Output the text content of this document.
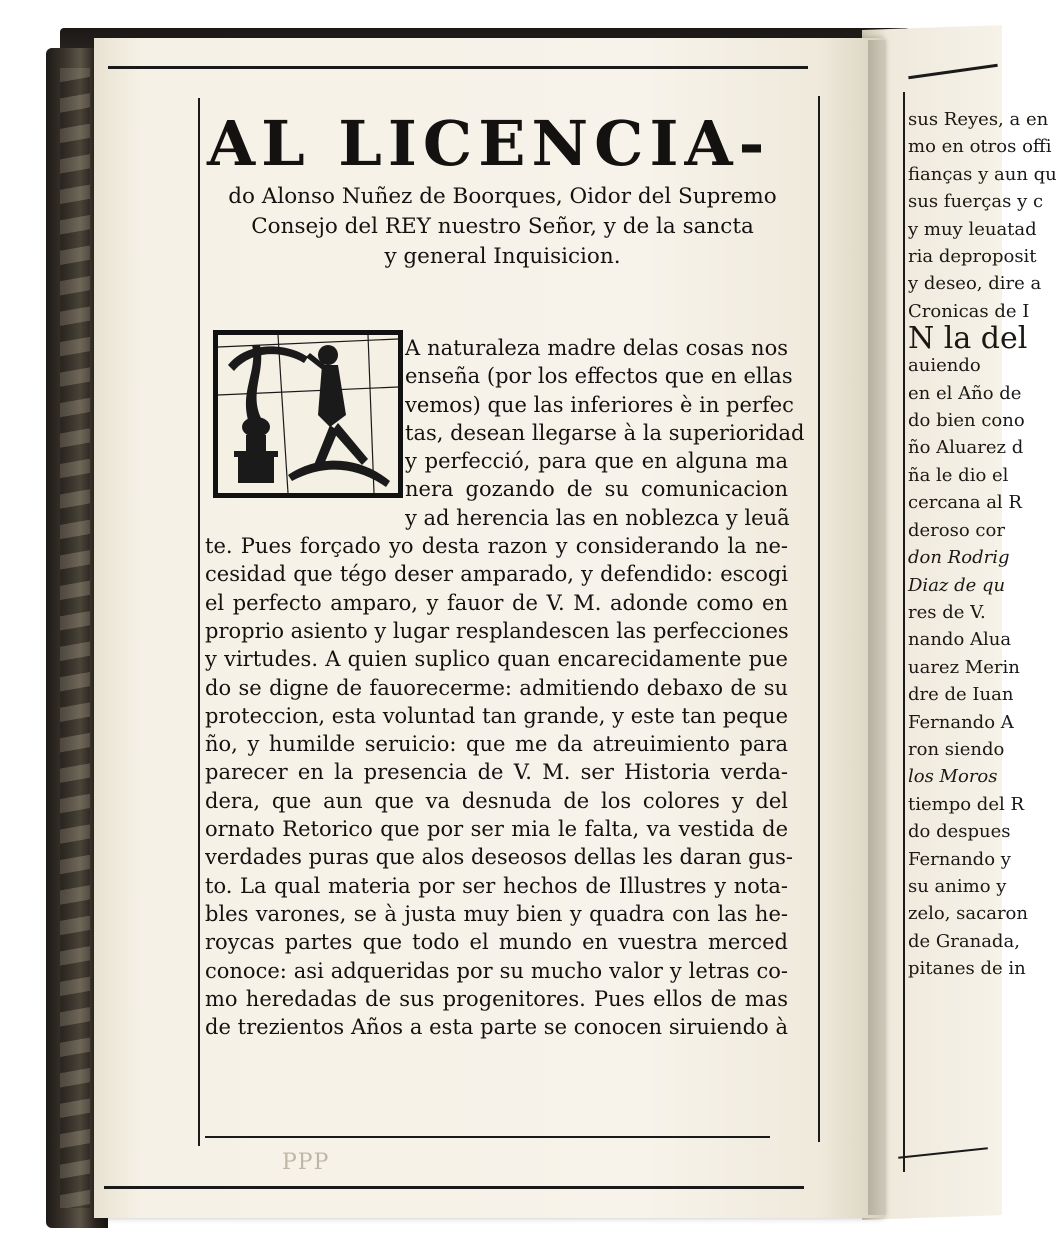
AL LICENCIA-

do Alonso Nuñez de Boorques, Oidor del Supremo
Consejo del REY nuestro Señor, y de la sancta
y general Inquisicion.

A naturaleza madre delas cosas nos
enseña (por los effectos que en ellas
vemos) que las inferiores è in perfec
tas, desean llegarse à la superioridad
y perfecció, para que en alguna ma
nera gozando de su comunicacion
y ad herencia las en noblezca y leuã
te. Pues forçado yo desta razon y considerando la ne-
cesidad que tégo deser amparado, y defendido: escogi
el perfecto amparo, y fauor de V. M. adonde como en
proprio asiento y lugar resplandescen las perfecciones
y virtudes. A quien suplico quan encarecidamente pue
do se digne de fauorecerme: admitiendo debaxo de su
proteccion, esta voluntad tan grande, y este tan peque
ño, y humilde seruicio: que me da atreuimiento para
parecer en la presencia de V. M. ser Historia verda-
dera, que aun que va desnuda de los colores y del
ornato Retorico que por ser mia le falta, va vestida de
verdades puras que alos deseosos dellas les daran gus-
to. La qual materia por ser hechos de Illustres y nota-
bles varones, se à justa muy bien y quadra con las he-
roycas partes que todo el mundo en vuestra merced
conoce: asi adqueridas por su mucho valor y letras co-
mo heredadas de sus progenitores. Pues ellos de mas
de trezientos Años a esta parte se conocen siruiendo à
PPP
sus Reyes, a en
mo en otros offi
fianças y aun qu
sus fuerças y c
y muy leuatad
ria deproposit
y deseo, dire a
Cronicas de I
N la del
auiendo
en el Año de
do bien cono
ño Aluarez d
ña le dio el
cercana al R
deroso cor
don Rodrig
Diaz de qu
res de V.
nando Alua
uarez Merin
dre de Iuan
Fernando A
ron siendo
los Moros
tiempo del R
do despues
Fernando y
su animo y
zelo, sacaron
de Granada,
pitanes de in
